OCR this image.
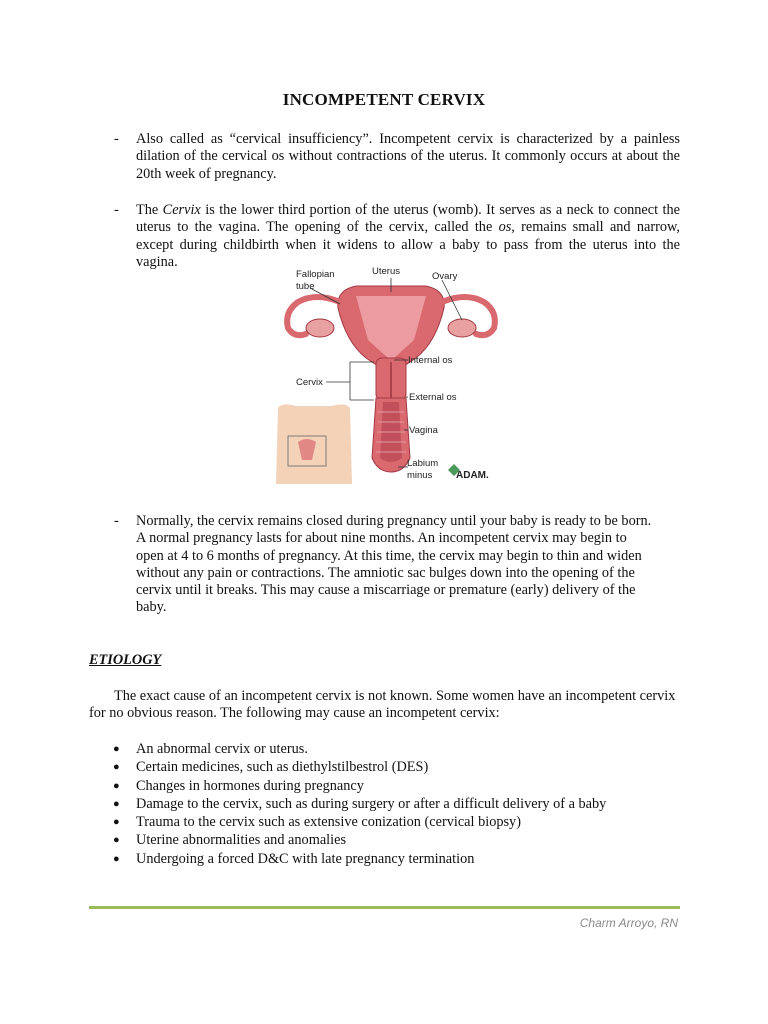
INCOMPETENT CERVIX
- Also called as “cervical insufficiency”. Incompetent cervix is characterized by a painless dilation of the cervical os without contractions of the uterus. It commonly occurs at about the 20th week of pregnancy.
- The Cervix is the lower third portion of the uterus (womb). It serves as a neck to connect the uterus to the vagina. The opening of the cervix, called the os, remains small and narrow, except during childbirth when it widens to allow a baby to pass from the uterus into the vagina.
Fallopian
tube
Uterus	Ovary
Internal os
Cervix
External os
Vagina
Labium
minus ADAM.
- Normally, the cervix remains closed during pregnancy until your baby is ready to be born. A normal pregnancy lasts for about nine months. An incompetent cervix may begin to open at 4 to 6 months of pregnancy. At this time, the cervix may begin to thin and widen without any pain or contractions. The amniotic sac bulges down into the opening of the cervix until it breaks. This may cause a miscarriage or premature (early) delivery of the baby.
ETIOLOGY
The exact cause of an incompetent cervix is not known. Some women have an incompetent cervix for no obvious reason. The following may cause an incompetent cervix:
● An abnormal cervix or uterus.
● Certain medicines, such as diethylstilbestrol (DES)
● Changes in hormones during pregnancy
● Damage to the cervix, such as during surgery or after a difficult delivery of a baby
● Trauma to the cervix such as extensive conization (cervical biopsy)
● Uterine abnormalities and anomalies
● Undergoing a forced D&C with late pregnancy termination
Charm Arroyo, RN
